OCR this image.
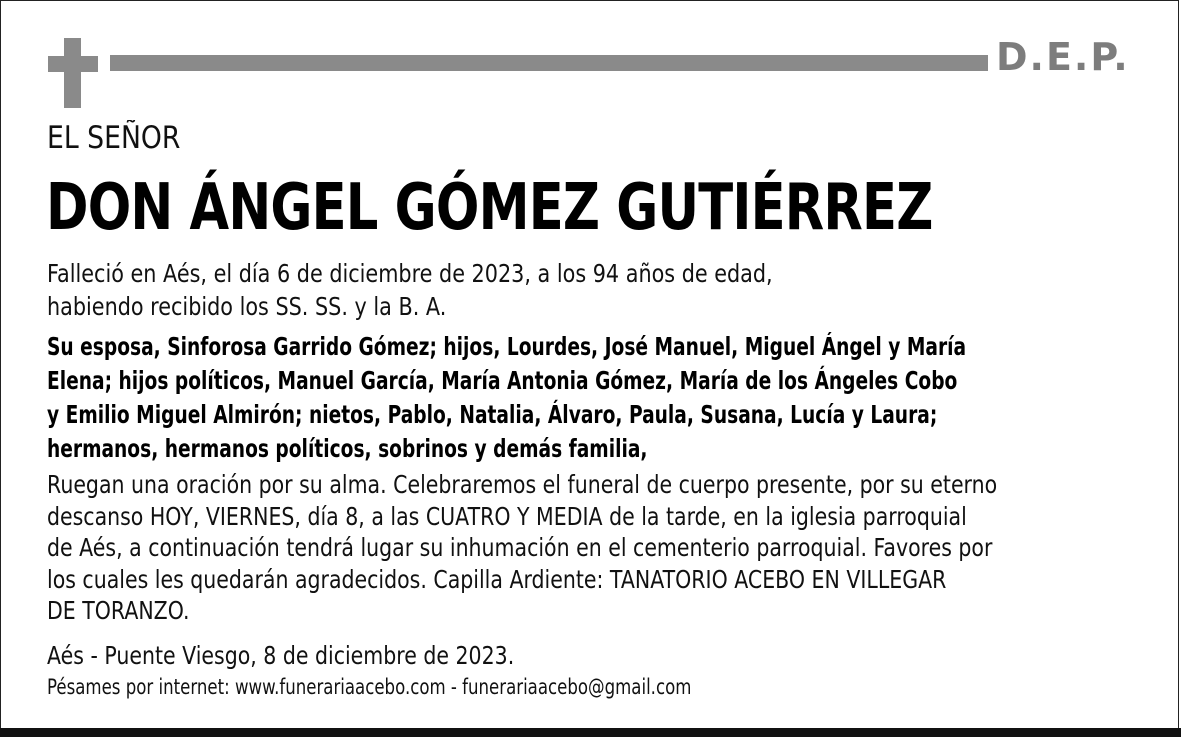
D.E.P.
EL SEÑOR
DON ÁNGEL GÓMEZ GUTIÉRREZ

Falleció en Aés, el día 6 de diciembre de 2023, a los 94 años de edad,
habiendo recibido los SS. SS. y la B. A.

Su esposa, Sinforosa Garrido Gómez; hijos, Lourdes, José Manuel, Miguel Ángel y María
Elena; hijos políticos, Manuel García, María Antonia Gómez, María de los Ángeles Cobo
y Emilio Miguel Almirón; nietos, Pablo, Natalia, Álvaro, Paula, Susana, Lucía y Laura;
hermanos, hermanos políticos, sobrinos y demás familia,

Ruegan una oración por su alma. Celebraremos el funeral de cuerpo presente, por su eterno
descanso HOY, VIERNES, día 8, a las CUATRO Y MEDIA de la tarde, en la iglesia parroquial
de Aés, a continuación tendrá lugar su inhumación en el cementerio parroquial. Favores por
los cuales les quedarán agradecidos. Capilla Ardiente: TANATORIO ACEBO EN VILLEGAR
DE TORANZO.

Aés - Puente Viesgo, 8 de diciembre de 2023.

Pésames por internet: www.funerariaacebo.com - funerariaacebo@gmail.com
